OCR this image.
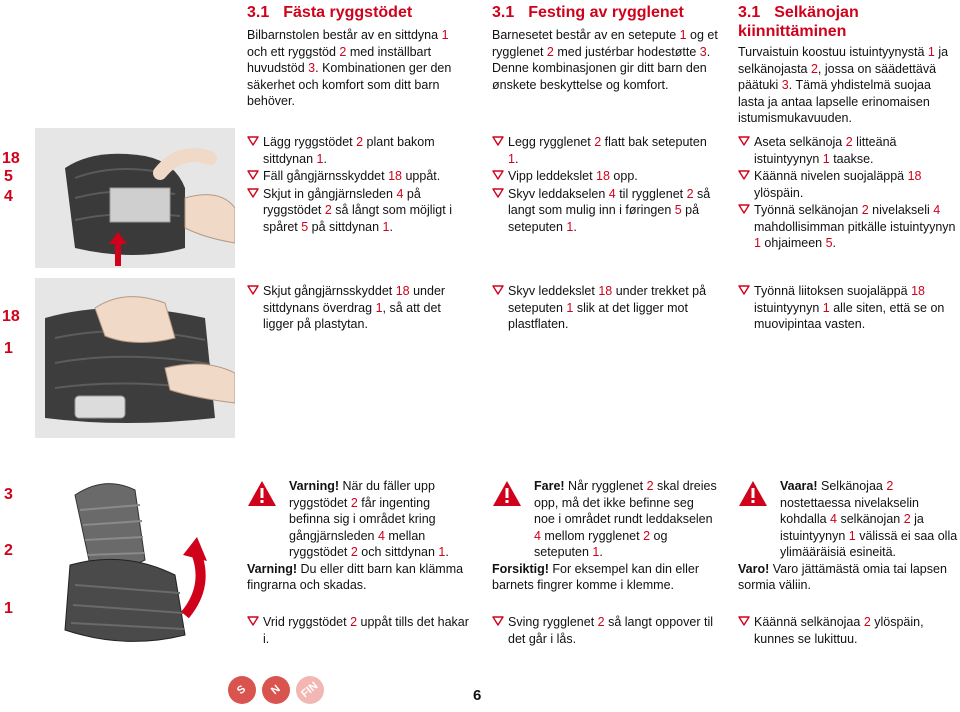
18
5
4
18
1
3
2
1
3.1 Fästa ryggstödet

Bilbarnstolen består av en sittdyna 1 och ett ryggstöd 2 med inställbart huvudstöd 3. Kombinationen ger den säkerhet och komfort som ditt barn behöver.

Lägg ryggstödet 2 plant bakom sittdynan 1.
Fäll gångjärnsskyddet 18 uppåt.
Skjut in gångjärnsleden 4 på ryggstödet 2 så långt som möjligt i spåret 5 på sittdynan 1.
Skjut gångjärnsskyddet 18 under sittdynans överdrag 1, så att det ligger på plastytan.
Varning! När du fäller upp ryggstödet 2 får ingenting befinna sig i området kring gångjärnsleden 4 mellan ryggstödet 2 och sittdynan 1.
Varning! Du eller ditt barn kan klämma fingrarna och skadas.
Vrid ryggstödet 2 uppåt tills det hakar i.
3.1 Festing av rygglenet

Barnesetet består av en setepute 1 og et rygglenet 2 med justérbar hodestøtte 3. Denne kombinasjonen gir ditt barn den ønskete beskyttelse og komfort.

Legg rygglenet 2 flatt bak seteputen 1.
Vipp leddekslet 18 opp.
Skyv leddakselen 4 til rygglenet 2 så langt som mulig inn i føringen 5 på seteputen 1.
Skyv leddekslet 18 under trekket på seteputen 1 slik at det ligger mot plastflaten.
Fare! Når rygglenet 2 skal dreies opp, må det ikke befinne seg noe i området rundt leddakselen 4 mellom rygglenet 2 og seteputen 1.
Forsiktig! For eksempel kan din eller barnets fingrer komme i klemme.
Sving rygglenet 2 så langt oppover til det går i lås.
3.1 Selkänojan kiinnittäminen

Turvaistuin koostuu istuintyynystä 1 ja selkänojasta 2, jossa on säädettävä päätuki 3. Tämä yhdistelmä suojaa lasta ja antaa lapselle erinomaisen istumismukavuuden.

Aseta selkänoja 2 litteänä istuintyynyn 1 taakse.
Käännä nivelen suojaläppä 18 ylöspäin.
Työnnä selkänojan 2 nivelakseli 4 mahdollisimman pitkälle istuintyynyn 1 ohjaimeen 5.
Työnnä liitoksen suojaläppä 18 istuintyynyn 1 alle siten, että se on muovipintaa vasten.
Vaara! Selkänojaa 2 nostettaessa nivelakselin kohdalla 4 selkänojan 2 ja istuintyynyn 1 välissä ei saa olla ylimääräisiä esineitä.
Varo! Varo jättämästä omia tai lapsen sormia väliin.
Käännä selkänojaa 2 ylöspäin, kunnes se lukittuu.
S N FIN	6
